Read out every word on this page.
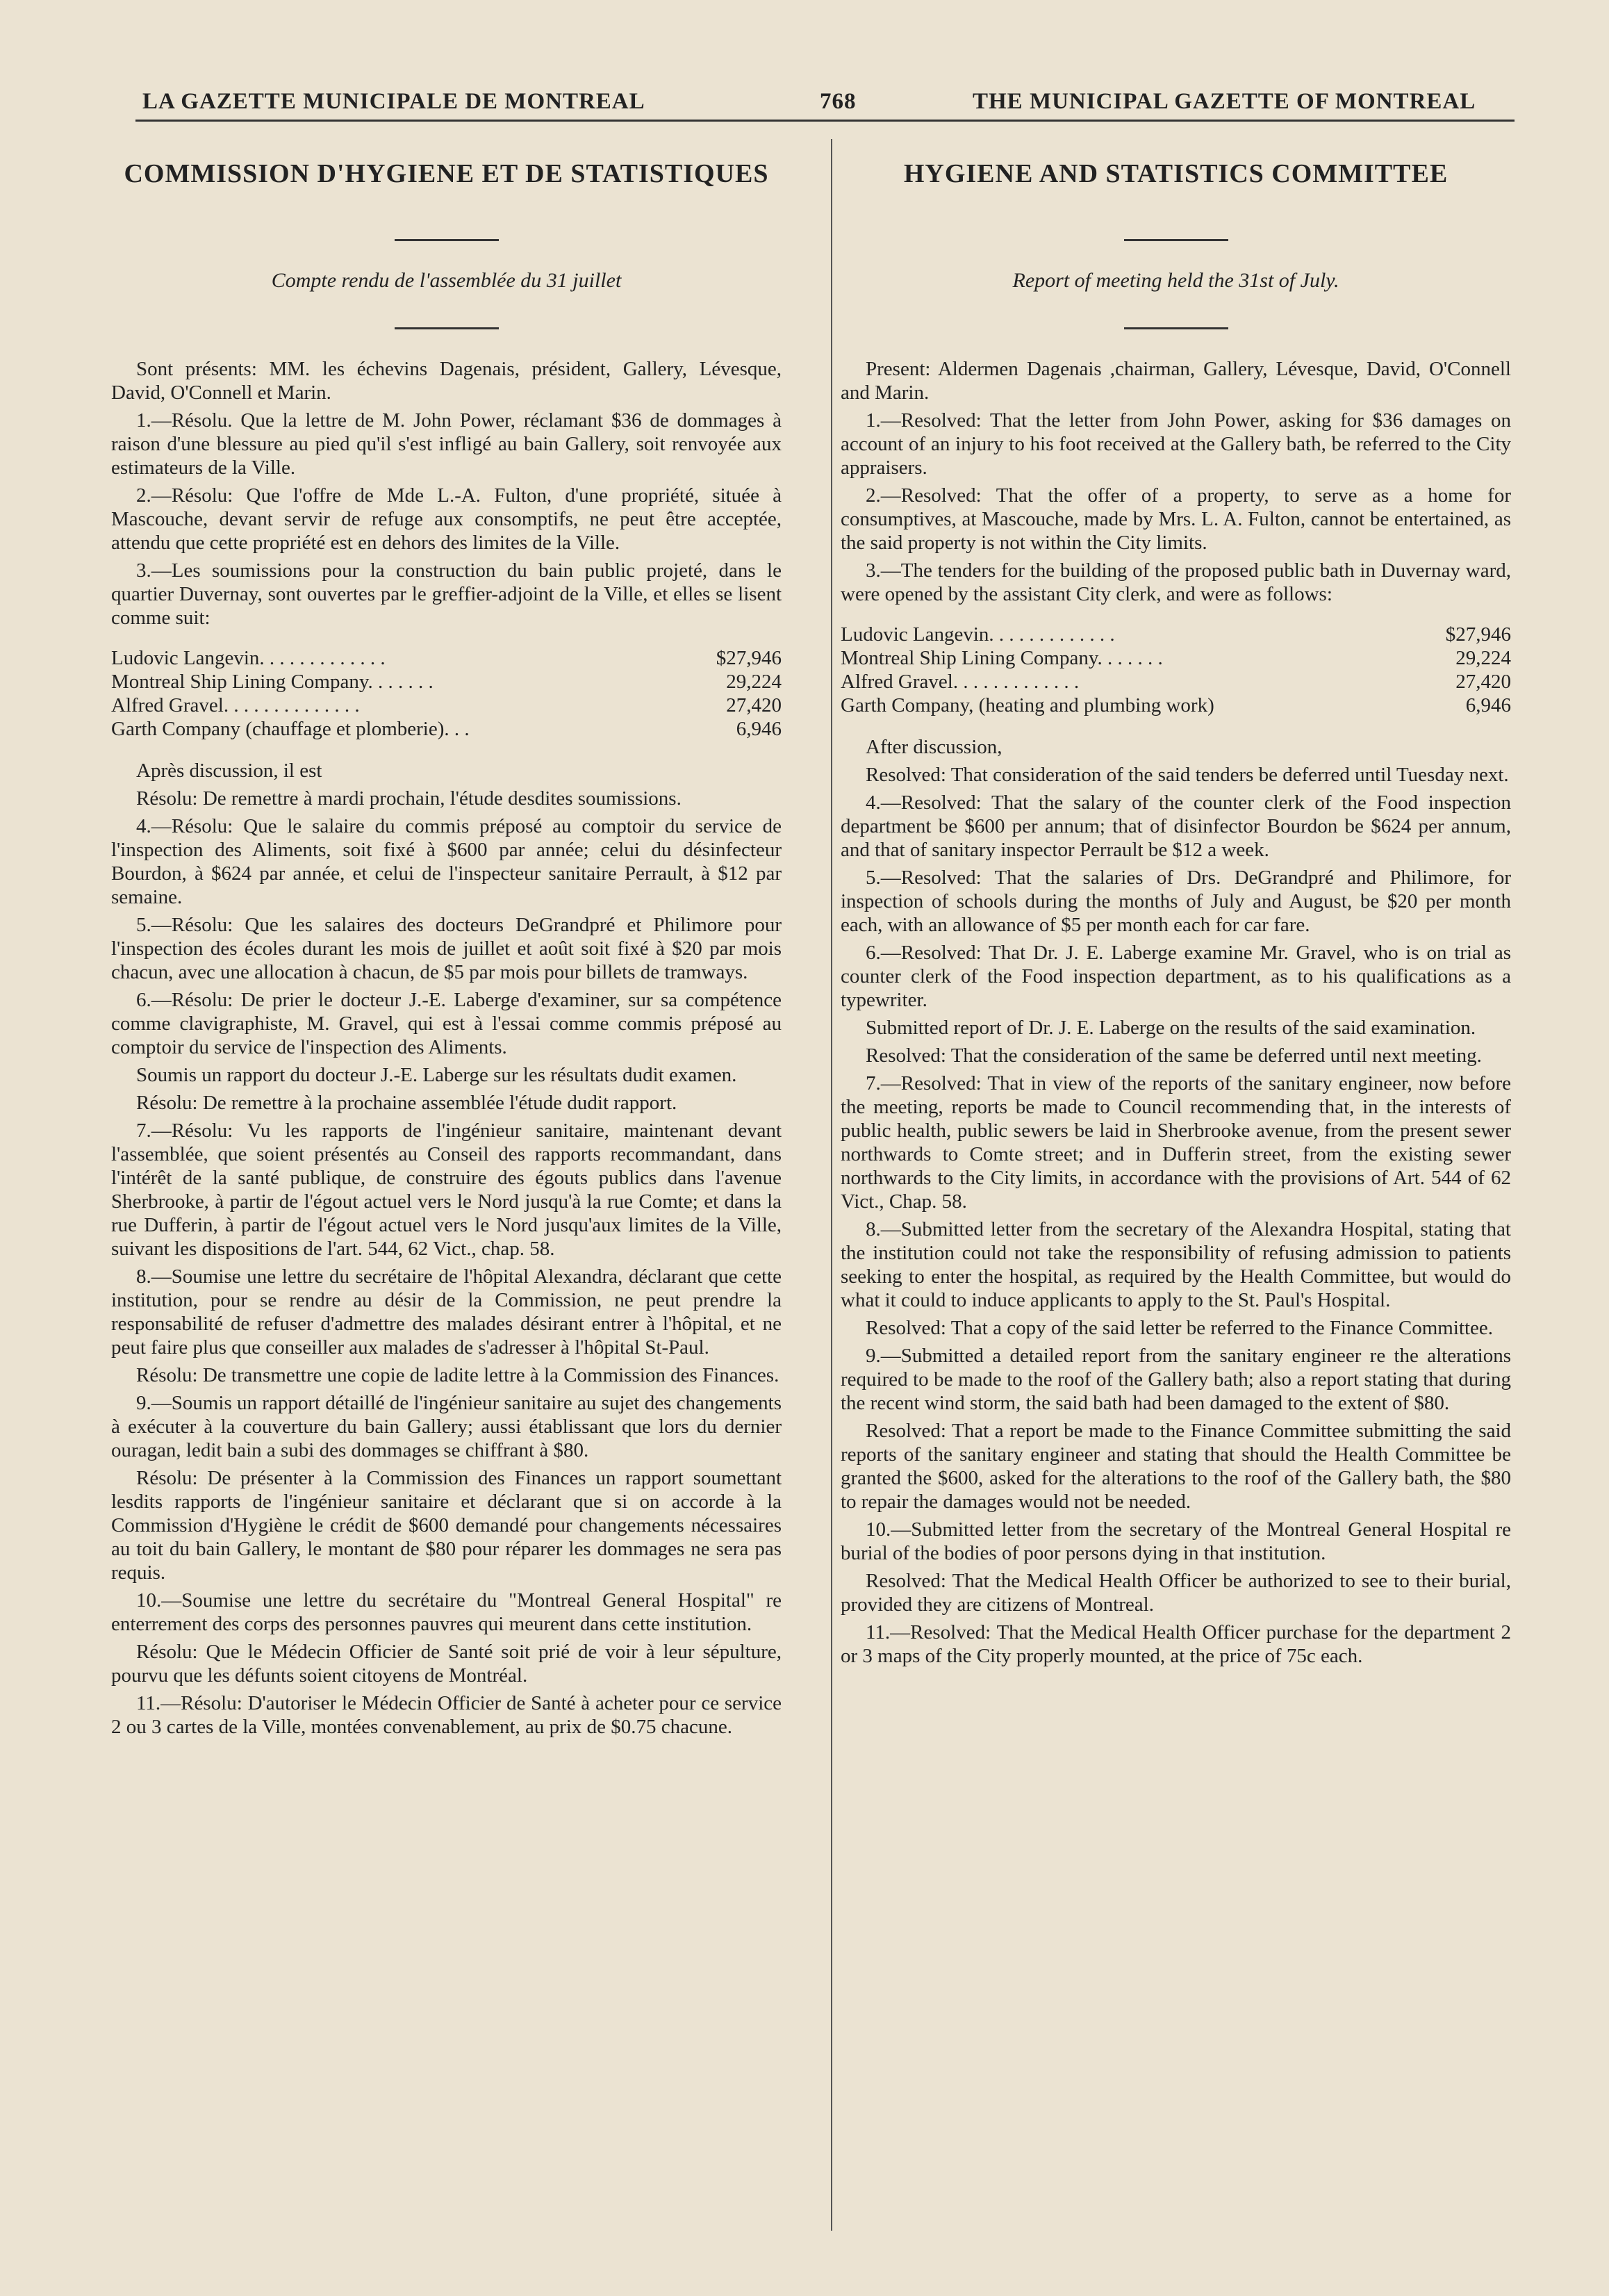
LA GAZETTE MUNICIPALE DE MONTREAL	768	THE MUNICIPAL GAZETTE OF MONTREAL
COMMISSION D'HYGIENE ET DE STATISTIQUES
Compte rendu de l'assemblée du 31 juillet

Sont présents: MM. les échevins Dagenais, président, Gallery, Lévesque, David, O'Connell et Marin.

1.—Résolu. Que la lettre de M. John Power, réclamant $36 de dommages à raison d'une blessure au pied qu'il s'est infligé au bain Gallery, soit renvoyée aux estimateurs de la Ville.

2.—Résolu: Que l'offre de Mde L.-A. Fulton, d'une propriété, située à Mascouche, devant servir de refuge aux consomptifs, ne peut être acceptée, attendu que cette propriété est en dehors des limites de la Ville.

3.—Les soumissions pour la construction du bain public projeté, dans le quartier Duvernay, sont ouvertes par le greffier-adjoint de la Ville, et elles se lisent comme suit:

Ludovic Langevin. . . . . . . . . . . . .	$27,946
Montreal Ship Lining Company. . . . . . .	29,224
Alfred Gravel. . . . . . . . . . . . . .	27,420
Garth Company (chauffage et plomberie). . .	6,946

Après discussion, il est

Résolu: De remettre à mardi prochain, l'étude desdites soumissions.

4.—Résolu: Que le salaire du commis préposé au comptoir du service de l'inspection des Aliments, soit fixé à $600 par année; celui du désinfecteur Bourdon, à $624 par année, et celui de l'inspecteur sanitaire Perrault, à $12 par semaine.

5.—Résolu: Que les salaires des docteurs DeGrandpré et Philimore pour l'inspection des écoles durant les mois de juillet et août soit fixé à $20 par mois chacun, avec une allocation à chacun, de $5 par mois pour billets de tramways.

6.—Résolu: De prier le docteur J.-E. Laberge d'examiner, sur sa compétence comme clavigraphiste, M. Gravel, qui est à l'essai comme commis préposé au comptoir du service de l'inspection des Aliments.

Soumis un rapport du docteur J.-E. Laberge sur les résultats dudit examen.

Résolu: De remettre à la prochaine assemblée l'étude dudit rapport.

7.—Résolu: Vu les rapports de l'ingénieur sanitaire, maintenant devant l'assemblée, que soient présentés au Conseil des rapports recommandant, dans l'intérêt de la santé publique, de construire des égouts publics dans l'avenue Sherbrooke, à partir de l'égout actuel vers le Nord jusqu'à la rue Comte; et dans la rue Dufferin, à partir de l'égout actuel vers le Nord jusqu'aux limites de la Ville, suivant les dispositions de l'art. 544, 62 Vict., chap. 58.

8.—Soumise une lettre du secrétaire de l'hôpital Alexandra, déclarant que cette institution, pour se rendre au désir de la Commission, ne peut prendre la responsabilité de refuser d'admettre des malades désirant entrer à l'hôpital, et ne peut faire plus que conseiller aux malades de s'adresser à l'hôpital St-Paul.

Résolu: De transmettre une copie de ladite lettre à la Commission des Finances.

9.—Soumis un rapport détaillé de l'ingénieur sanitaire au sujet des changements à exécuter à la couverture du bain Gallery; aussi établissant que lors du dernier ouragan, ledit bain a subi des dommages se chiffrant à $80.

Résolu: De présenter à la Commission des Finances un rapport soumettant lesdits rapports de l'ingénieur sanitaire et déclarant que si on accorde à la Commission d'Hygiène le crédit de $600 demandé pour changements nécessaires au toit du bain Gallery, le montant de $80 pour réparer les dommages ne sera pas requis.

10.—Soumise une lettre du secrétaire du "Montreal General Hospital" re enterrement des corps des personnes pauvres qui meurent dans cette institution.

Résolu: Que le Médecin Officier de Santé soit prié de voir à leur sépulture, pourvu que les défunts soient citoyens de Montréal.

11.—Résolu: D'autoriser le Médecin Officier de Santé à acheter pour ce service 2 ou 3 cartes de la Ville, montées convenablement, au prix de $0.75 chacune.

HYGIENE AND STATISTICS COMMITTEE
Report of meeting held the 31st of July.

Present: Aldermen Dagenais ,chairman, Gallery, Lévesque, David, O'Connell and Marin.

1.—Resolved: That the letter from John Power, asking for $36 damages on account of an injury to his foot received at the Gallery bath, be referred to the City appraisers.

2.—Resolved: That the offer of a property, to serve as a home for consumptives, at Mascouche, made by Mrs. L. A. Fulton, cannot be entertained, as the said property is not within the City limits.

3.—The tenders for the building of the proposed public bath in Duvernay ward, were opened by the assistant City clerk, and were as follows:

Ludovic Langevin. . . . . . . . . . . . .	$27,946
Montreal Ship Lining Company. . . . . . .	29,224
Alfred Gravel. . . . . . . . . . . . .	27,420
Garth Company, (heating and plumbing work)	6,946

After discussion,

Resolved: That consideration of the said tenders be deferred until Tuesday next.

4.—Resolved: That the salary of the counter clerk of the Food inspection department be $600 per annum; that of disinfector Bourdon be $624 per annum, and that of sanitary inspector Perrault be $12 a week.

5.—Resolved: That the salaries of Drs. DeGrandpré and Philimore, for inspection of schools during the months of July and August, be $20 per month each, with an allowance of $5 per month each for car fare.

6.—Resolved: That Dr. J. E. Laberge examine Mr. Gravel, who is on trial as counter clerk of the Food inspection department, as to his qualifications as a typewriter.

Submitted report of Dr. J. E. Laberge on the results of the said examination.

Resolved: That the consideration of the same be deferred until next meeting.

7.—Resolved: That in view of the reports of the sanitary engineer, now before the meeting, reports be made to Council recommending that, in the interests of public health, public sewers be laid in Sherbrooke avenue, from the present sewer northwards to Comte street; and in Dufferin street, from the existing sewer northwards to the City limits, in accordance with the provisions of Art. 544 of 62 Vict., Chap. 58.

8.—Submitted letter from the secretary of the Alexandra Hospital, stating that the institution could not take the responsibility of refusing admission to patients seeking to enter the hospital, as required by the Health Committee, but would do what it could to induce applicants to apply to the St. Paul's Hospital.

Resolved: That a copy of the said letter be referred to the Finance Committee.

9.—Submitted a detailed report from the sanitary engineer re the alterations required to be made to the roof of the Gallery bath; also a report stating that during the recent wind storm, the said bath had been damaged to the extent of $80.

Resolved: That a report be made to the Finance Committee submitting the said reports of the sanitary engineer and stating that should the Health Committee be granted the $600, asked for the alterations to the roof of the Gallery bath, the $80 to repair the damages would not be needed.

10.—Submitted letter from the secretary of the Montreal General Hospital re burial of the bodies of poor persons dying in that institution.

Resolved: That the Medical Health Officer be authorized to see to their burial, provided they are citizens of Montreal.

11.—Resolved: That the Medical Health Officer purchase for the department 2 or 3 maps of the City properly mounted, at the price of 75c each.
